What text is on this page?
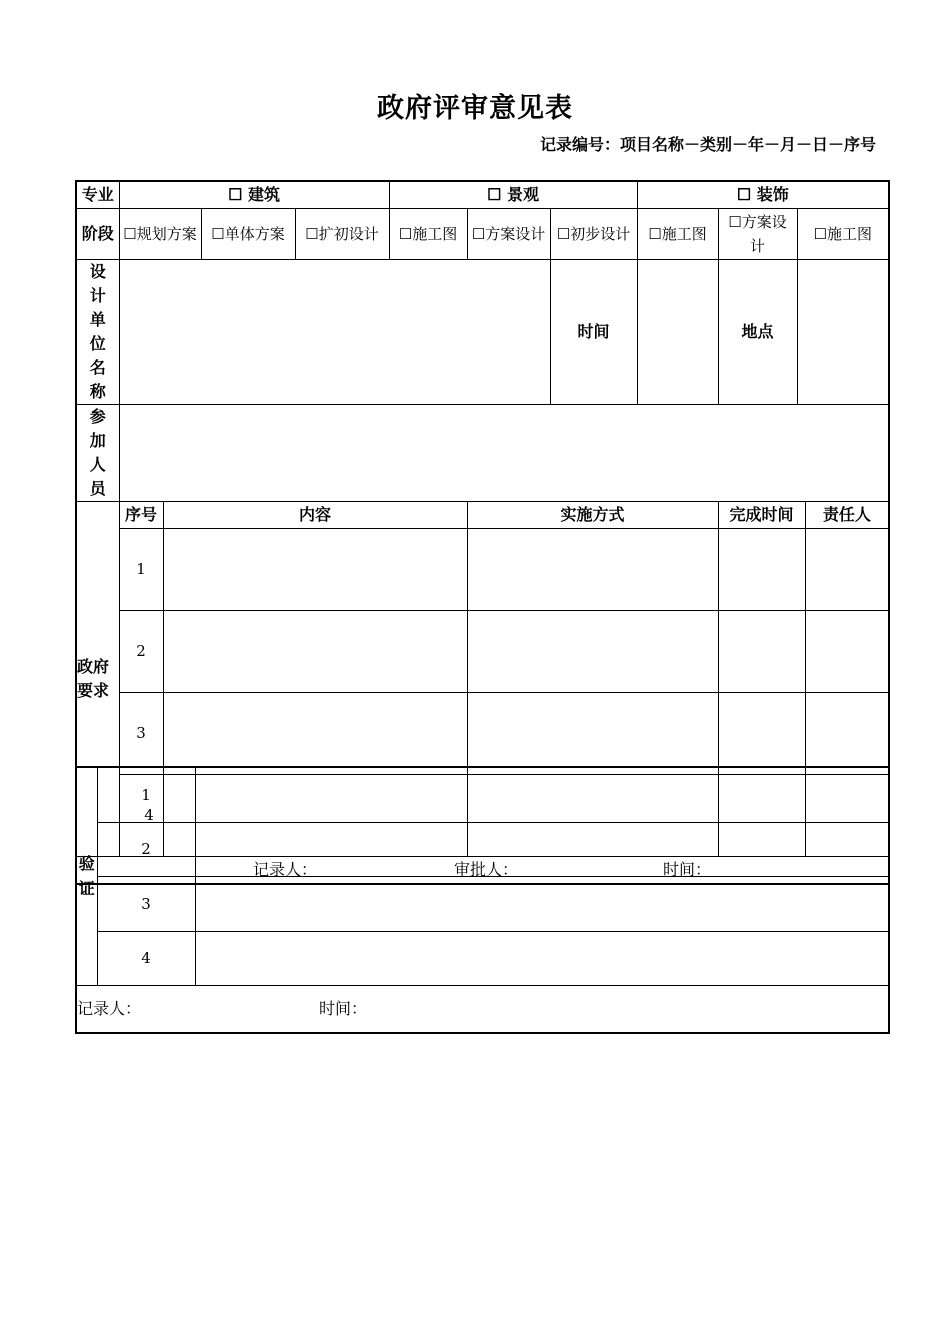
政府评审意见表
记录编号：项目名称－类别－年－月－日－序号
专业	☐ 建筑				☐ 景观			☐ 装饰			
阶段	☐规划方案		☐单体方案	☐扩初设计	☐施工图	☐方案设计	☐初步设计	☐施工图	☐方案设计	☐施工图	
设计单位名称							时间		地点		
参加人员											
政府要求	序号	内容				实施方式			完成时间		责任人
	1										
	2										
	3										
	4										

记录人： 审批人： 时间：											
验证	1	
	2	
	3	
	4	

记录人： 时间：		
